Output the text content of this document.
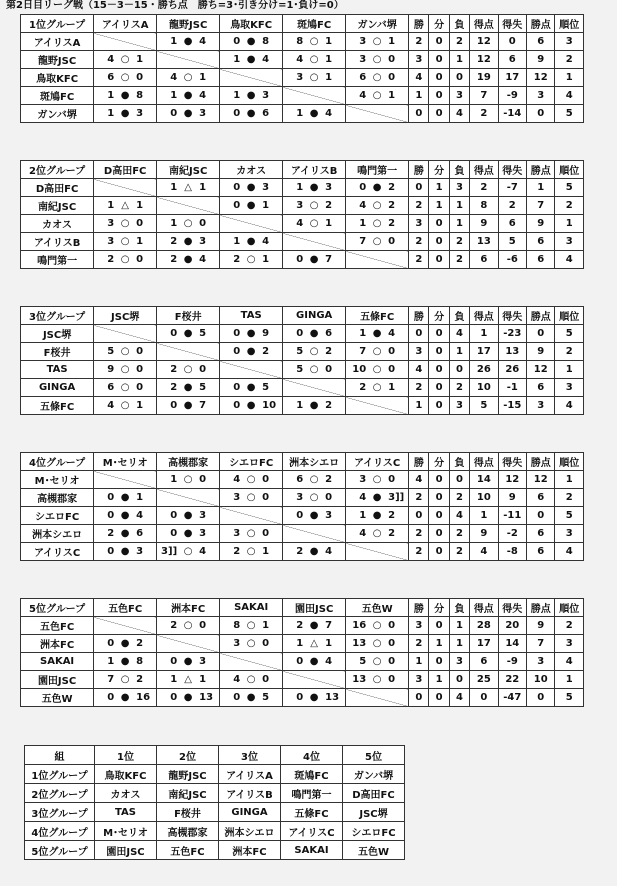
第2日目リーグ戦（15－3－15・勝ち点　勝ち=3･引き分け=1･負け=0）
1位グループ	アイリスA	龍野JSC	鳥取KFC	斑鳩FC	ガンバ堺	勝	分	負	得点	得失	勝点	順位
アイリスA		1 ● 4	0 ● 8	8 ○ 1	3 ○ 1	2	0	2	12	0	6	3
龍野JSC	4 ○ 1		1 ● 4	4 ○ 1	3 ○ 0	3	0	1	12	6	9	2
鳥取KFC	6 ○ 0	4 ○ 1		3 ○ 1	6 ○ 0	4	0	0	19	17	12	1
斑鳩FC	1 ● 8	1 ● 4	1 ● 3		4 ○ 1	1	0	3	7	-9	3	4
ガンバ堺	1 ● 3	0 ● 3	0 ● 6	1 ● 4		0	0	4	2	-14	0	5
2位グループ	D高田FC	南紀JSC	カオス	アイリスB	鳴門第一	勝	分	負	得点	得失	勝点	順位
D高田FC		1 △ 1	0 ● 3	1 ● 3	0 ● 2	0	1	3	2	-7	1	5
南紀JSC	1 △ 1		0 ● 1	3 ○ 2	4 ○ 2	2	1	1	8	2	7	2
カオス	3 ○ 0	1 ○ 0		4 ○ 1	1 ○ 2	3	0	1	9	6	9	1
アイリスB	3 ○ 1	2 ● 3	1 ● 4		7 ○ 0	2	0	2	13	5	6	3
鳴門第一	2 ○ 0	2 ● 4	2 ○ 1	0 ● 7		2	0	2	6	-6	6	4
3位グループ	JSC堺	F桜井	TAS	GINGA	五條FC	勝	分	負	得点	得失	勝点	順位
JSC堺		0 ● 5	0 ● 9	0 ● 6	1 ● 4	0	0	4	1	-23	0	5
F桜井	5 ○ 0		0 ● 2	5 ○ 2	7 ○ 0	3	0	1	17	13	9	2
TAS	9 ○ 0	2 ○ 0		5 ○ 0	10 ○ 0	4	0	0	26	26	12	1
GINGA	6 ○ 0	2 ● 5	0 ● 5		2 ○ 1	2	0	2	10	-1	6	3
五條FC	4 ○ 1	0 ● 7	0 ● 10	1 ● 2		1	0	3	5	-15	3	4
4位グループ	M･セリオ	高槻郡家	シエロFC	洲本シエロ	アイリスC	勝	分	負	得点	得失	勝点	順位
M･セリオ		1 ○ 0	4 ○ 0	6 ○ 2	3 ○ 0	4	0	0	14	12	12	1
高槻郡家	0 ● 1		3 ○ 0	3 ○ 0	4 ● 3]]	2	0	2	10	9	6	2
シエロFC	0 ● 4	0 ● 3		0 ● 3	1 ● 2	0	0	4	1	-11	0	5
洲本シエロ	2 ● 6	0 ● 3	3 ○ 0		4 ○ 2	2	0	2	9	-2	6	3
アイリスC	0 ● 3	3]] ○ 4	2 ○ 1	2 ● 4		2	0	2	4	-8	6	4
5位グループ	五色FC	洲本FC	SAKAI	園田JSC	五色W	勝	分	負	得点	得失	勝点	順位
五色FC		2 ○ 0	8 ○ 1	2 ● 7	16 ○ 0	3	0	1	28	20	9	2
洲本FC	0 ● 2		3 ○ 0	1 △ 1	13 ○ 0	2	1	1	17	14	7	3
SAKAI	1 ● 8	0 ● 3		0 ● 4	5 ○ 0	1	0	3	6	-9	3	4
園田JSC	7 ○ 2	1 △ 1	4 ○ 0		13 ○ 0	3	1	0	25	22	10	1
五色W	0 ● 16	0 ● 13	0 ● 5	0 ● 13		0	0	4	0	-47	0	5
組	1位	2位	3位	4位	5位
1位グループ	鳥取KFC	龍野JSC	アイリスA	斑鳩FC	ガンバ堺
2位グループ	カオス	南紀JSC	アイリスB	鳴門第一	D高田FC
3位グループ	TAS	F桜井	GINGA	五條FC	JSC堺
4位グループ	M･セリオ	高槻郡家	洲本シエロ	アイリスC	シエロFC
5位グループ	園田JSC	五色FC	洲本FC	SAKAI	五色W
